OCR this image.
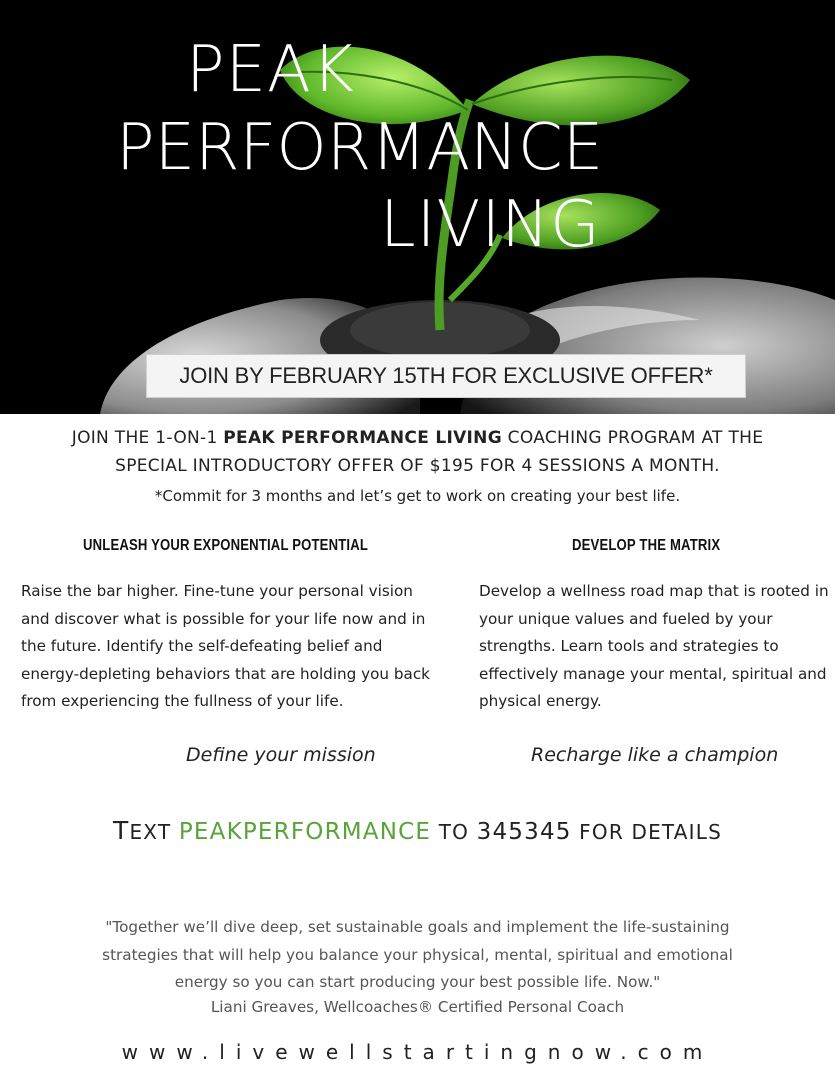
PEAK
PERFORMANCE
LIVING
JOIN BY FEBRUARY 15TH FOR EXCLUSIVE OFFER*
JOIN THE 1-ON-1 PEAK PERFORMANCE LIVING COACHING PROGRAM AT THE
SPECIAL INTRODUCTORY OFFER OF $195 FOR 4 SESSIONS A MONTH.
*Commit for 3 months and let’s get to work on creating your best life.
UNLEASH YOUR EXPONENTIAL POTENTIAL	DEVELOP THE MATRIX
Raise the bar higher. Fine-tune your personal vision and discover what is possible for your life now and in the future. Identify the self-defeating belief and energy-depleting behaviors that are holding you back from experiencing the fullness of your life.
Develop a wellness road map that is rooted in your unique values and fueled by your strengths. Learn tools and strategies to effectively manage your mental, spiritual and physical energy.
Define your mission	Recharge like a champion
TEXT PEAKPERFORMANCE TO 345345 FOR DETAILS
"Together we’ll dive deep, set sustainable goals and implement the life-sustaining strategies that will help you balance your physical, mental, spiritual and emotional energy so you can start producing your best possible life. Now."
Liani Greaves, Wellcoaches® Certified Personal Coach
www.livewellstartingnow.com
